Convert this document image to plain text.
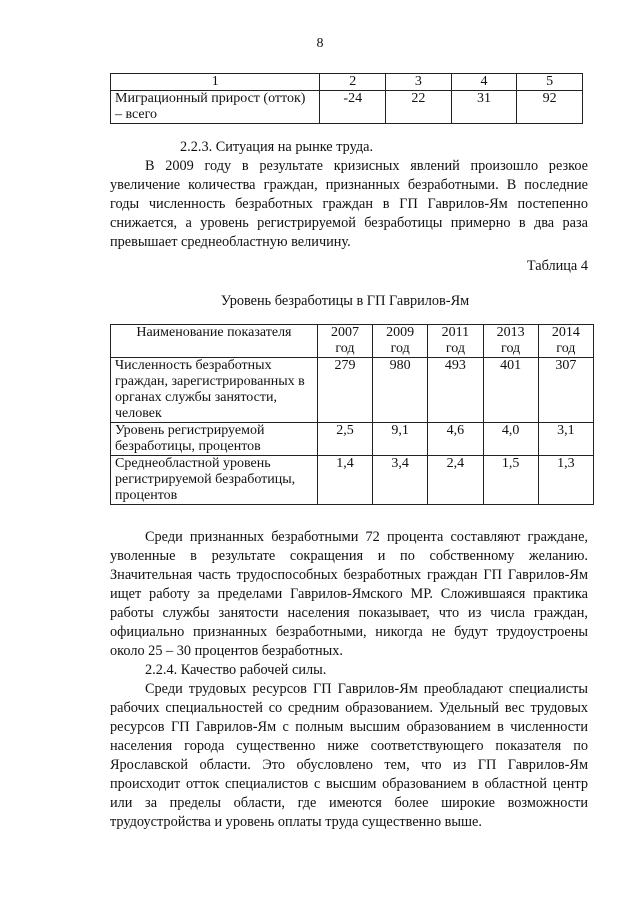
8
1	2	3	4	5
Миграционный прирост (отток) – всего	-24	22	31	92
2.2.3. Ситуация на рынке труда.

В 2009 году в результате кризисных явлений произошло резкое увеличение количества граждан, признанных безработными. В последние годы численность безработных граждан в ГП Гаврилов-Ям постепенно снижается, а уровень регистрируемой безработицы примерно в два раза превышает среднеобластную величину.

Таблица 4
Уровень безработицы в ГП Гаврилов-Ям
Наименование показателя	2007 год	2009 год	2011 год	2013 год	2014 год
Численность безработных граждан, зарегистрированных в органах службы занятости, человек	279	980	493	401	307
Уровень регистрируемой безработицы, процентов	2,5	9,1	4,6	4,0	3,1
Среднеобластной уровень регистрируемой безработицы, процентов	1,4	3,4	2,4	1,5	1,3

Среди признанных безработными 72 процента составляют граждане, уволенные в результате сокращения и по собственному желанию. Значительная часть трудоспособных безработных граждан ГП Гаврилов-Ям ищет работу за пределами Гаврилов-Ямского МР. Сложившаяся практика работы службы занятости населения показывает, что из числа граждан, официально признанных безработными, никогда не будут трудоустроены около 25 – 30 процентов безработных.

2.2.4. Качество рабочей силы.

Среди трудовых ресурсов ГП Гаврилов-Ям преобладают специалисты рабочих специальностей со средним образованием. Удельный вес трудовых ресурсов ГП Гаврилов-Ям с полным высшим образованием в численности населения города существенно ниже соответствующего показателя по Ярославской области. Это обусловлено тем, что из ГП Гаврилов-Ям происходит отток специалистов с высшим образованием в областной центр или за пределы области, где имеются более широкие возможности трудоустройства и уровень оплаты труда существенно выше.
